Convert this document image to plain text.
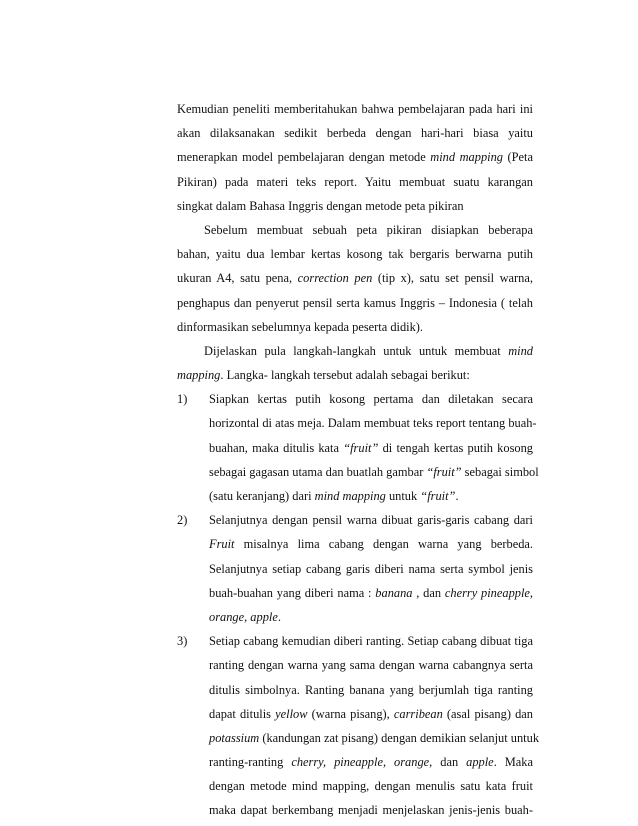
Kemudian peneliti memberitahukan bahwa pembelajaran pada hari ini
akan dilaksanakan sedikit berbeda dengan hari-hari biasa yaitu
menerapkan model pembelajaran dengan metode mind mapping (Peta
Pikiran) pada materi teks report. Yaitu membuat suatu karangan
singkat dalam Bahasa Inggris dengan metode peta pikiran
Sebelum membuat sebuah peta pikiran disiapkan beberapa
bahan, yaitu dua lembar kertas kosong tak bergaris berwarna putih
ukuran A4, satu pena, correction pen (tip x), satu set pensil warna,
penghapus dan penyerut pensil serta kamus Inggris – Indonesia ( telah
dinformasikan sebelumnya kepada peserta didik).
Dijelaskan pula langkah-langkah untuk untuk membuat mind
mapping. Langka- langkah tersebut adalah sebagai berikut:
1) Siapkan kertas putih kosong pertama dan diletakan secara
horizontal di atas meja. Dalam membuat teks report tentang buah-
buahan, maka ditulis kata “fruit” di tengah kertas putih kosong
sebagai gagasan utama dan buatlah gambar “fruit” sebagai simbol
(satu keranjang) dari mind mapping untuk “fruit”.
2) Selanjutnya dengan pensil warna dibuat garis-garis cabang dari
Fruit misalnya lima cabang dengan warna yang berbeda.
Selanjutnya setiap cabang garis diberi nama serta symbol jenis
buah-buahan yang diberi nama : banana , dan cherry pineapple,
orange, apple.
3) Setiap cabang kemudian diberi ranting. Setiap cabang dibuat tiga
ranting dengan warna yang sama dengan warna cabangnya serta
ditulis simbolnya. Ranting banana yang berjumlah tiga ranting
dapat ditulis yellow (warna pisang), carribean (asal pisang) dan
potassium (kandungan zat pisang) dengan demikian selanjut untuk
ranting-ranting cherry, pineapple, orange, dan apple. Maka
dengan metode mind mapping, dengan menulis satu kata fruit
maka dapat berkembang menjadi menjelaskan jenis-jenis buah-
